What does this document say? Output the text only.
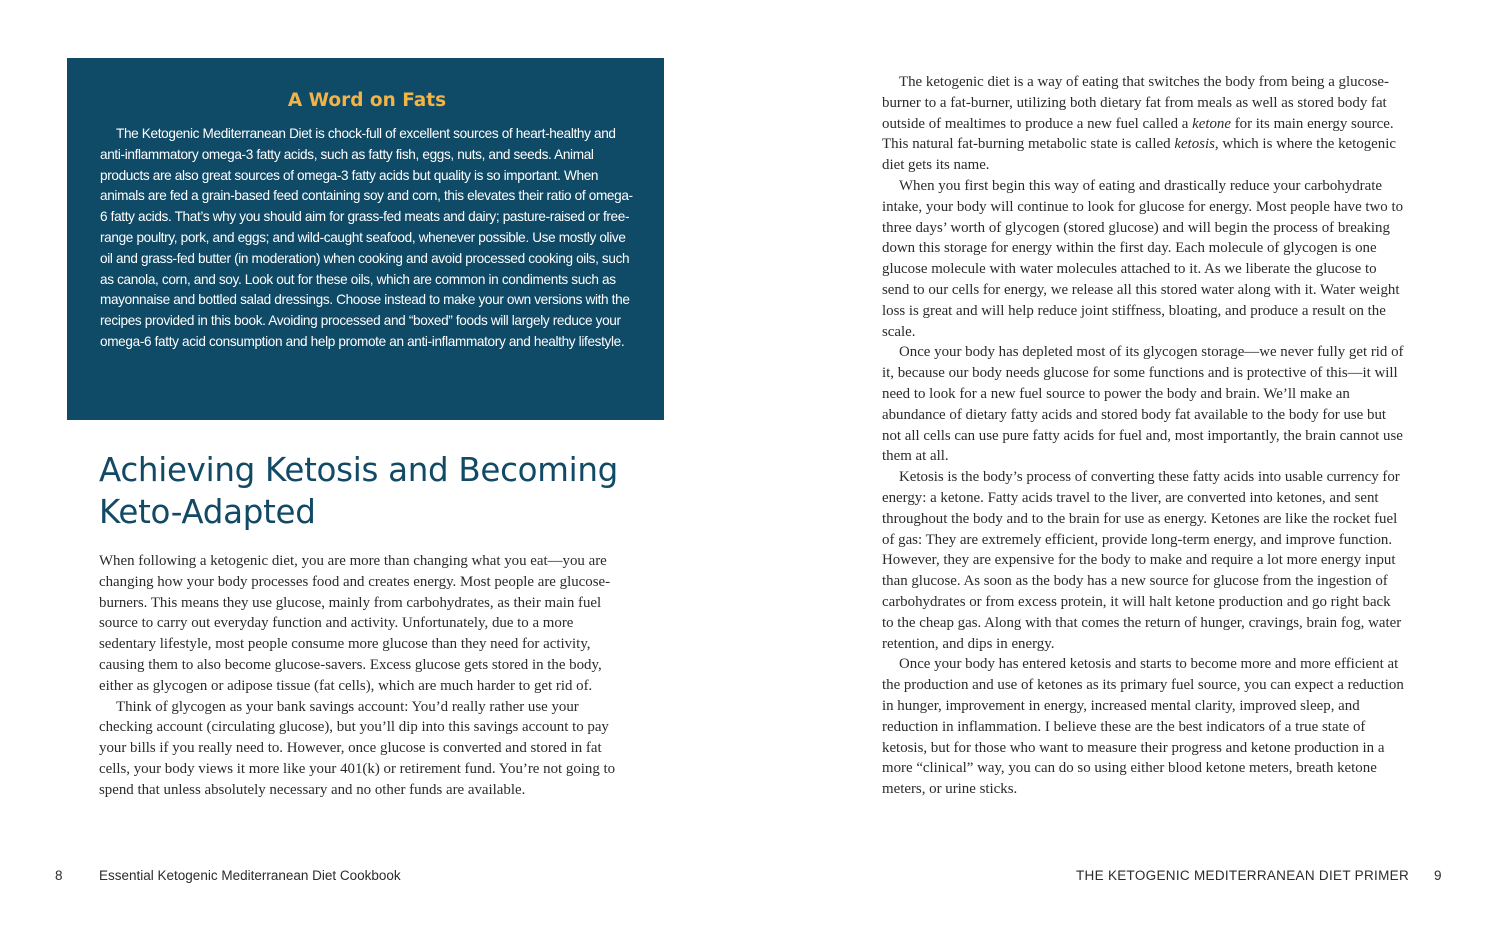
A Word on Fats

The Ketogenic Mediterranean Diet is chock-full of excellent sources of heart-healthy and anti-inflammatory omega-3 fatty acids, such as fatty fish, eggs, nuts, and seeds. Animal products are also great sources of omega-3 fatty acids but quality is so important. When animals are fed a grain-based feed containing soy and corn, this elevates their ratio of omega-6 fatty acids. That’s why you should aim for grass-fed meats and dairy; pasture-raised or free-range poultry, pork, and eggs; and wild-caught seafood, whenever possible. Use mostly olive oil and grass-fed butter (in moderation) when cooking and avoid processed cooking oils, such as canola, corn, and soy. Look out for these oils, which are common in condiments such as mayonnaise and bottled salad dressings. Choose instead to make your own versions with the recipes provided in this book. Avoiding processed and “boxed” foods will largely reduce your omega-6 fatty acid consumption and help promote an anti-inflammatory and healthy lifestyle.

Achieving Ketosis and Becoming Keto-Adapted

When following a ketogenic diet, you are more than changing what you eat—you are changing how your body processes food and creates energy. Most people are glucose-burners. This means they use glucose, mainly from carbohydrates, as their main fuel source to carry out everyday function and activity. Unfortunately, due to a more sedentary lifestyle, most people consume more glucose than they need for activity, causing them to also become glucose-savers. Excess glucose gets stored in the body, either as glycogen or adipose tissue (fat cells), which are much harder to get rid of.

Think of glycogen as your bank savings account: You’d really rather use your checking account (circulating glucose), but you’ll dip into this savings account to pay your bills if you really need to. However, once glucose is converted and stored in fat cells, your body views it more like your 401(k) or retirement fund. You’re not going to spend that unless absolutely necessary and no other funds are available.

The ketogenic diet is a way of eating that switches the body from being a glucose-burner to a fat-burner, utilizing both dietary fat from meals as well as stored body fat outside of mealtimes to produce a new fuel called a ketone for its main energy source. This natural fat-burning metabolic state is called ketosis, which is where the ketogenic diet gets its name.

When you first begin this way of eating and drastically reduce your carbohydrate intake, your body will continue to look for glucose for energy. Most people have two to three days’ worth of glycogen (stored glucose) and will begin the process of breaking down this storage for energy within the first day. Each molecule of glycogen is one glucose molecule with water molecules attached to it. As we liberate the glucose to send to our cells for energy, we release all this stored water along with it. Water weight loss is great and will help reduce joint stiffness, bloating, and produce a result on the scale.

Once your body has depleted most of its glycogen storage—we never fully get rid of it, because our body needs glucose for some functions and is protective of this—it will need to look for a new fuel source to power the body and brain. We’ll make an abundance of dietary fatty acids and stored body fat available to the body for use but not all cells can use pure fatty acids for fuel and, most importantly, the brain cannot use them at all.

Ketosis is the body’s process of converting these fatty acids into usable currency for energy: a ketone. Fatty acids travel to the liver, are converted into ketones, and sent throughout the body and to the brain for use as energy. Ketones are like the rocket fuel of gas: They are extremely efficient, provide long-term energy, and improve function. However, they are expensive for the body to make and require a lot more energy input than glucose. As soon as the body has a new source for glucose from the ingestion of carbohydrates or from excess protein, it will halt ketone production and go right back to the cheap gas. Along with that comes the return of hunger, cravings, brain fog, water retention, and dips in energy.

Once your body has entered ketosis and starts to become more and more efficient at the production and use of ketones as its primary fuel source, you can expect a reduction in hunger, improvement in energy, increased mental clarity, improved sleep, and reduction in inflammation. I believe these are the best indicators of a true state of ketosis, but for those who want to measure their progress and ketone production in a more “clinical” way, you can do so using either blood ketone meters, breath ketone meters, or urine sticks.

8	Essential Ketogenic Mediterranean Diet Cookbook	THE KETOGENIC MEDITERRANEAN DIET PRIMER 9
